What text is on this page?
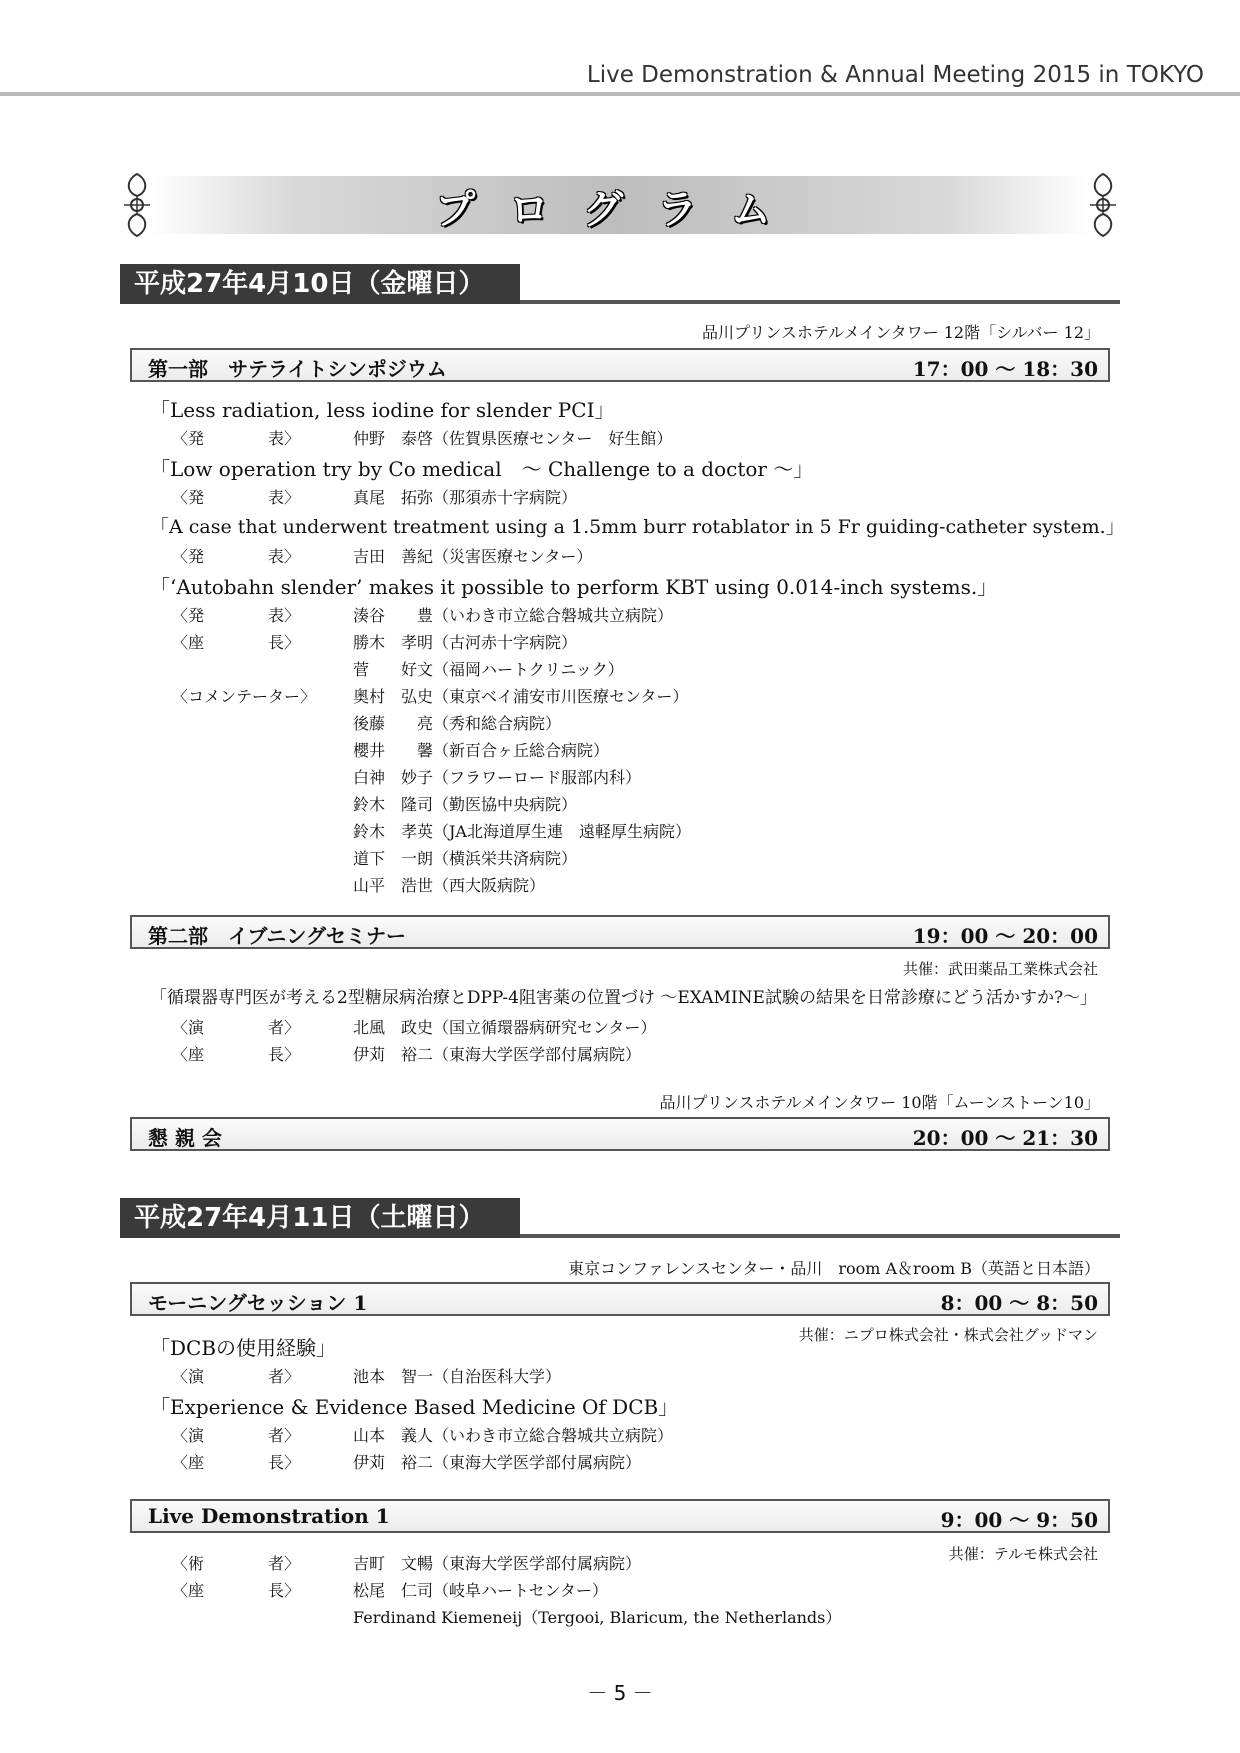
Live Demonstration & Annual Meeting 2015 in TOKYO
プログラム
平成27年4月10日（金曜日）
品川プリンスホテルメインタワー 12階「シルバー 12」
第一部　サテライトシンポジウム	17：00 ～ 18：30
「Less radiation, less iodine for slender PCI」
〈発　　　　表〉	仲野　泰啓（佐賀県医療センター　好生館）
「Low operation try by Co medical　～ Challenge to a doctor ～」
〈発　　　　表〉	真尾　拓弥（那須赤十字病院）
「A case that underwent treatment using a 1.5mm burr rotablator in 5 Fr guiding-catheter system.」
〈発　　　　表〉	吉田　善紀（災害医療センター）
「‘Autobahn slender’ makes it possible to perform KBT using 0.014-inch systems.」
〈発　　　　表〉	湊谷　　豊（いわき市立総合磐城共立病院）
〈座　　　　長〉	勝木　孝明（古河赤十字病院）
菅　　好文（福岡ハートクリニック）
〈コメンテーター〉 奥村　弘史（東京ベイ浦安市川医療センター）
後藤　　亮（秀和総合病院）
櫻井　　馨（新百合ヶ丘総合病院）
白神　妙子（フラワーロード服部内科）
鈴木　隆司（勤医協中央病院）
鈴木　孝英（JA北海道厚生連　遠軽厚生病院）
道下　一朗（横浜栄共済病院）
山平　浩世（西大阪病院）
第二部　イブニングセミナー	19：00 ～ 20：00
共催：武田薬品工業株式会社
「循環器専門医が考える2型糖尿病治療とDPP-4阻害薬の位置づけ ～EXAMINE試験の結果を日常診療にどう活かすか?～」
〈演　　　　者〉	北風　政史（国立循環器病研究センター）
〈座　　　　長〉	伊苅　裕二（東海大学医学部付属病院）
品川プリンスホテルメインタワー 10階「ムーンストーン10」
懇 親 会	20：00 ～ 21：30
平成27年4月11日（土曜日）
東京コンファレンスセンター・品川　room A＆room B（英語と日本語）
モーニングセッション 1	8：00 ～ 8：50
共催：ニプロ株式会社・株式会社グッドマン
「DCBの使用経験」
〈演　　　　者〉	池本　智一（自治医科大学）
「Experience & Evidence Based Medicine Of DCB」
〈演　　　　者〉	山本　義人（いわき市立総合磐城共立病院）
〈座　　　　長〉	伊苅　裕二（東海大学医学部付属病院）
Live Demonstration 1	9：00 ～ 9：50
共催：テルモ株式会社
〈術　　　　者〉	吉町　文暢（東海大学医学部付属病院）
〈座　　　　長〉	松尾　仁司（岐阜ハートセンター）
Ferdinand Kiemeneij（Tergooi, Blaricum, the Netherlands）
－ 5 －
